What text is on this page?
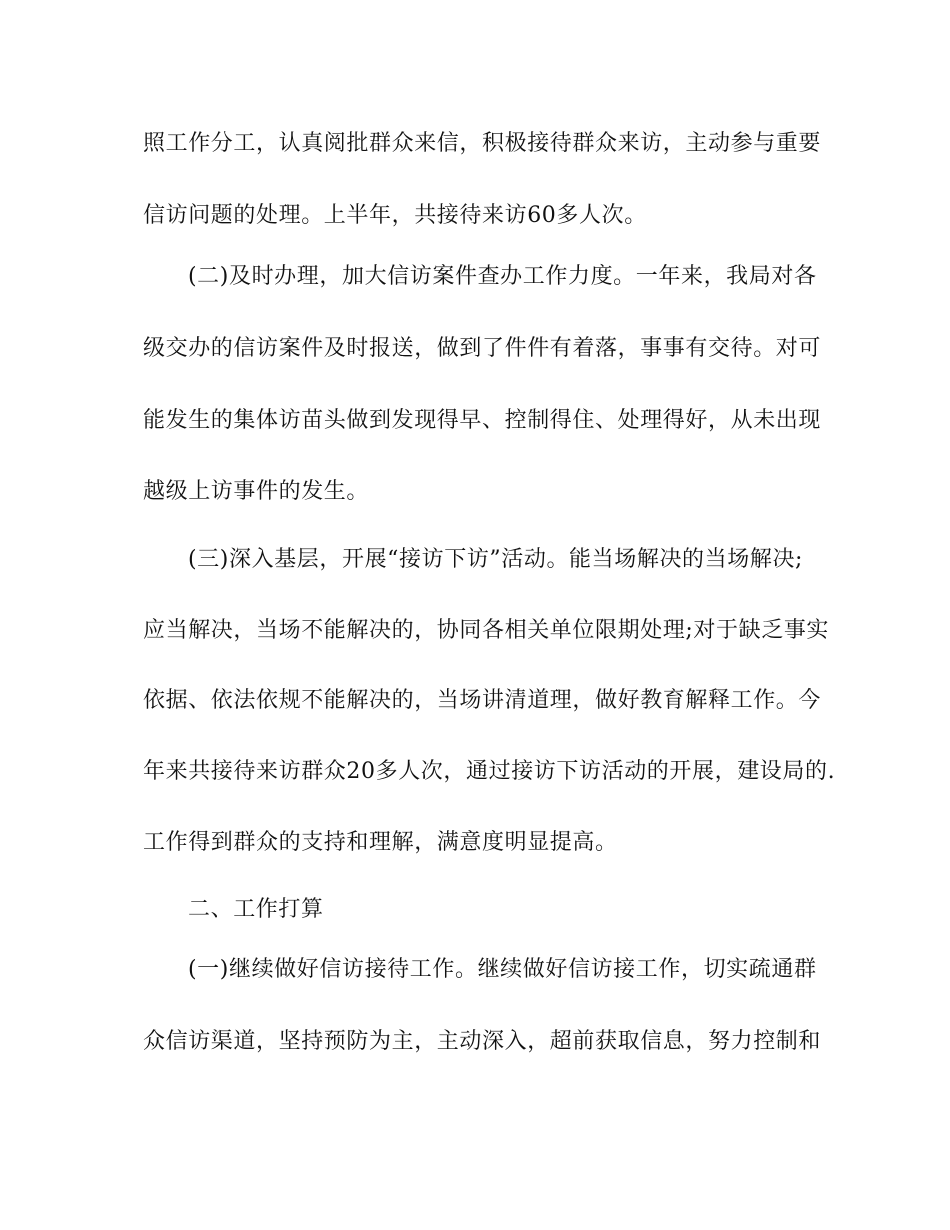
照工作分工，认真阅批群众来信，积极接待群众来访，主动参与重要
信访问题的处理。上半年，共接待来访60多人次。
(二)及时办理，加大信访案件查办工作力度。一年来，我局对各
级交办的信访案件及时报送，做到了件件有着落，事事有交待。对可
能发生的集体访苗头做到发现得早、控制得住、处理得好，从未出现
越级上访事件的发生。
(三)深入基层，开展“接访下访”活动。能当场解决的当场解决;
应当解决，当场不能解决的，协同各相关单位限期处理;对于缺乏事实
依据、依法依规不能解决的，当场讲清道理，做好教育解释工作。今
年来共接待来访群众20多人次，通过接访下访活动的开展，建设局的.
工作得到群众的支持和理解，满意度明显提高。
二、工作打算
(一)继续做好信访接待工作。继续做好信访接工作，切实疏通群
众信访渠道，坚持预防为主，主动深入，超前获取信息，努力控制和
